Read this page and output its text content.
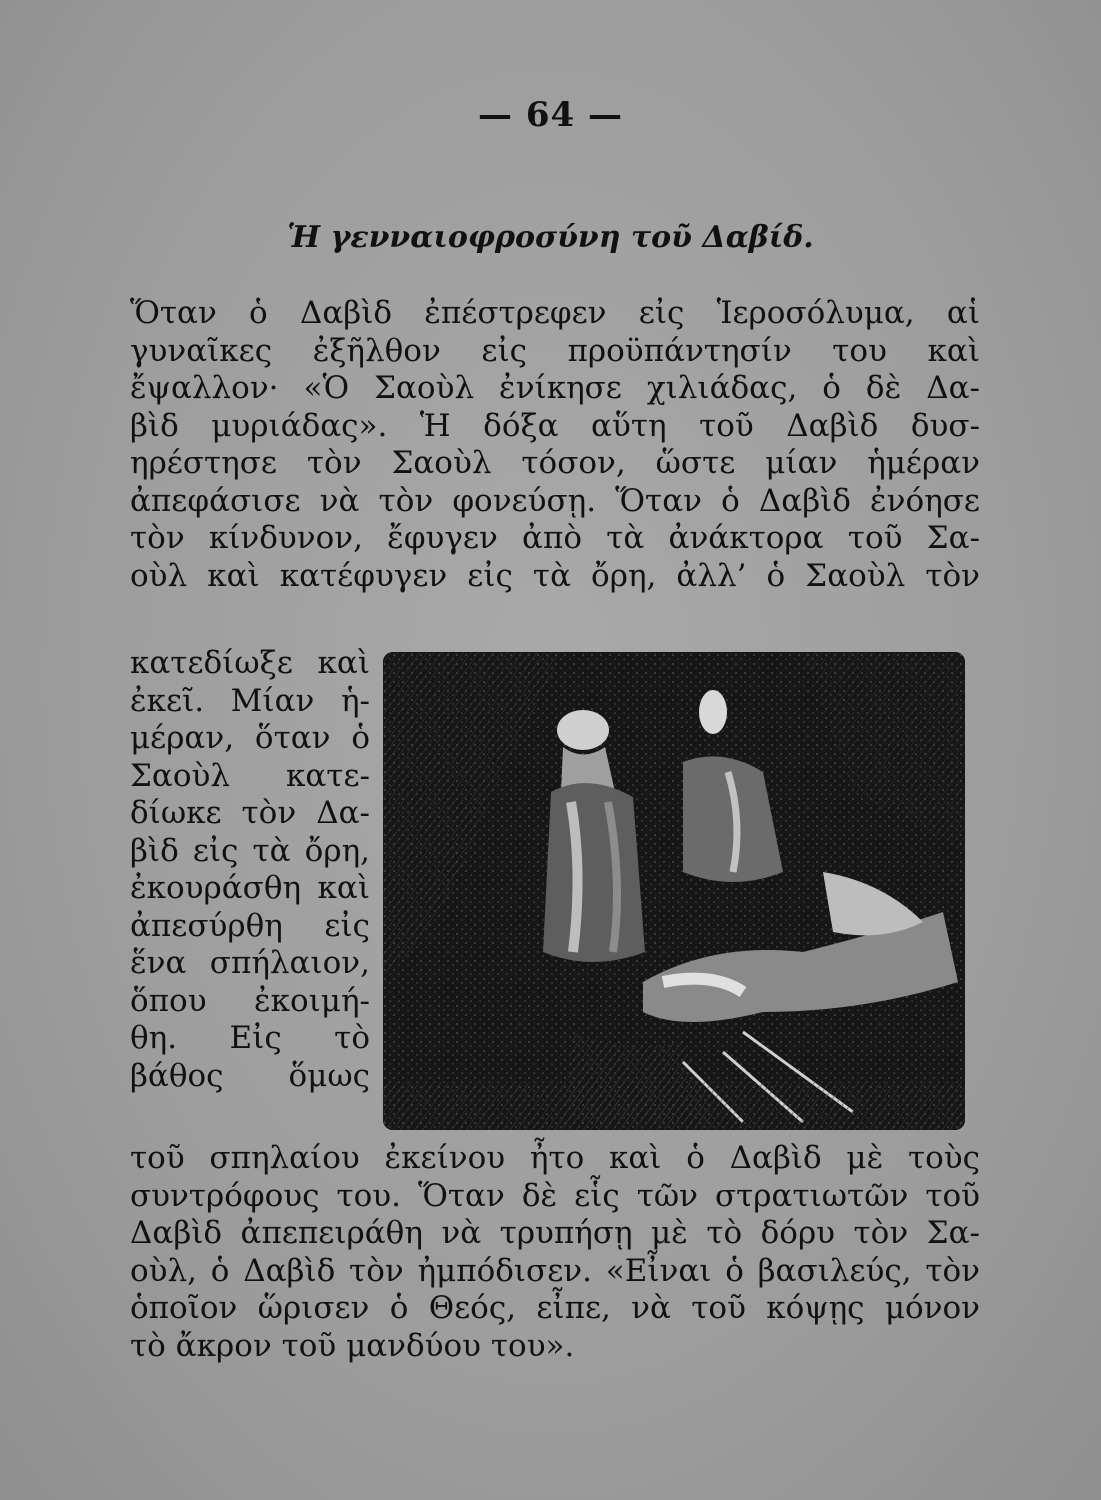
— 64 —
Ἡ γενναιοφροσύνη τοῦ Δαβίδ.
Ὅταν ὁ Δαβὶδ ἐπέστρεφεν εἰς Ἱεροσόλυμα, αἱ
γυναῖκες ἐξῆλθον εἰς προϋπάντησίν του καὶ
ἔψαλλον· «Ὁ Σαοὺλ ἐνίκησε χιλιάδας, ὁ δὲ Δα-
βὶδ μυριάδας». Ἡ δόξα αὕτη τοῦ Δαβὶδ δυσ-
ηρέστησε τὸν Σαοὺλ τόσον, ὥστε μίαν ἡμέραν
ἀπεφάσισε νὰ τὸν φονεύσῃ. Ὅταν ὁ Δαβὶδ ἐνόησε
τὸν κίνδυνον, ἔφυγεν ἀπὸ τὰ ἀνάκτορα τοῦ Σα-
οὺλ καὶ κατέφυγεν εἰς τὰ ὄρη, ἀλλ’ ὁ Σαοὺλ τὸν
κατεδίωξε καὶ
ἐκεῖ. Μίαν ἡ-
μέραν, ὅταν ὁ
Σαοὺλ κατε-
δίωκε τὸν Δα-
βὶδ εἰς τὰ ὄρη,
ἐκουράσθη καὶ
ἀπεσύρθη εἰς
ἕνα σπήλαιον,
ὅπου ἐκοιμή-
θη. Εἰς τὸ
βάθος ὅμως
τοῦ σπηλαίου ἐκείνου ἦτο καὶ ὁ Δαβὶδ μὲ τοὺς
συντρόφους του. Ὅταν δὲ εἷς τῶν στρατιωτῶν τοῦ
Δαβὶδ ἀπεπειράθη νὰ τρυπήσῃ μὲ τὸ δόρυ τὸν Σα-
οὺλ, ὁ Δαβὶδ τὸν ἠμπόδισεν. «Εἶναι ὁ βασιλεύς, τὸν
ὁποῖον ὥρισεν ὁ Θεός, εἶπε, νὰ τοῦ κόψῃς μόνον
τὸ ἄκρον τοῦ μανδύου του».
